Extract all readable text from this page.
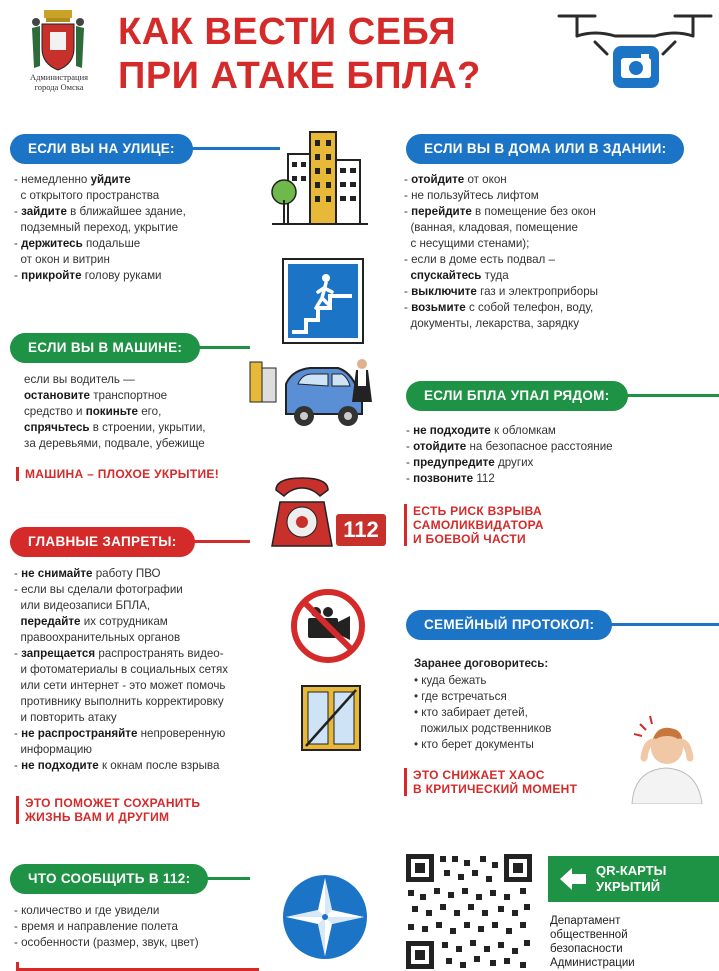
Администрация
города Омска
КАК ВЕСТИ СЕБЯ
ПРИ АТАКЕ БПЛА?
ЕСЛИ ВЫ НА УЛИЦЕ:
- немедленно уйдите
с открытого пространства
- зайдите в ближайшее здание,
подземный переход, укрытие
- держитесь подальше
от окон и витрин
- прикройте голову руками
ЕСЛИ ВЫ В ДОМА ИЛИ В ЗДАНИИ:
- отойдите от окон
- не пользуйтесь лифтом
- перейдите в помещение без окон
(ванная, кладовая, помещение
с несущими стенами);
- если в доме есть подвал –
спускайтесь туда
- выключите газ и электроприборы
- возьмите с собой телефон, воду,
документы, лекарства, зарядку
ЕСЛИ ВЫ В МАШИНЕ:
если вы водитель —
остановите транспортное
средство и покиньте его,
спрячьтесь в строении, укрытии,
за деревьями, подвале, убежище
МАШИНА – ПЛОХОЕ УКРЫТИЕ!
ЕСЛИ БПЛА УПАЛ РЯДОМ:
- не подходите к обломкам
- отойдите на безопасное расстояние
- предупредите других
- позвоните 112
ЕСТЬ РИСК ВЗРЫВА
САМОЛИКВИДАТОРА
И БОЕВОЙ ЧАСТИ
112
ГЛАВНЫЕ ЗАПРЕТЫ:
- не снимайте работу ПВО
- если вы сделали фотографии
или видеозаписи БПЛА,
передайте их сотрудникам
правоохранительных органов
- запрещается распространять видео-
и фотоматериалы в социальных сетях
или сети интернет - это может помочь
противнику выполнить корректировку
и повторить атаку
- не распространяйте непроверенную
информацию
- не подходите к окнам после взрыва
ЭТО ПОМОЖЕТ СОХРАНИТЬ
ЖИЗНЬ ВАМ И ДРУГИМ
СЕМЕЙНЫЙ ПРОТОКОЛ:
Заранее договоритесь:
• куда бежать
• где встречаться
• кто забирает детей,
пожилых родственников
• кто берет документы
ЭТО СНИЖАЕТ ХАОС
В КРИТИЧЕСКИЙ МОМЕНТ
ЧТО СООБЩИТЬ В 112:
- количество и где увидели
- время и направление полета
- особенности (размер, звук, цвет)
QR-КАРТЫ
УКРЫТИЙ
Департамент
общественной
безопасности
Администрации
